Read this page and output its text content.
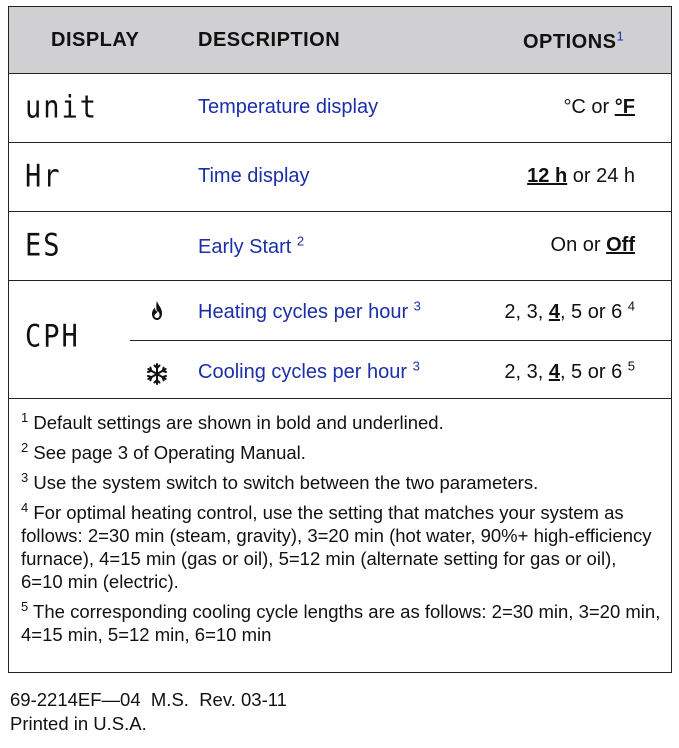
DISPLAY	DESCRIPTION	OPTIONS$^1$
unit	Temperature display	°C or °F
Hr	Time display	12 h or 24 h
ES	Early Start $^2$	On or Off
CPH
Heating cycles per hour $^3$	2, 3, 4, 5 or 6 $^4$
Cooling cycles per hour $^3$	2, 3, 4, 5 or 6 $^5$

$^1$ Default settings are shown in bold and underlined.

$^2$ See page 3 of Operating Manual.

$^3$ Use the system switch to switch between the two parameters.

$^4$ For optimal heating control, use the setting that matches your system as follows: 2=30 min (steam, gravity), 3=20 min (hot water, 90%+ high-efficiency furnace), 4=15 min (gas or oil), 5=12 min (alternate setting for gas or oil), 6=10 min (electric).

$^5$ The corresponding cooling cycle lengths are as follows: 2=30 min, 3=20 min, 4=15 min, 5=12 min, 6=10 min

69-2214EF—04  M.S.  Rev. 03-11
Printed in U.S.A.
